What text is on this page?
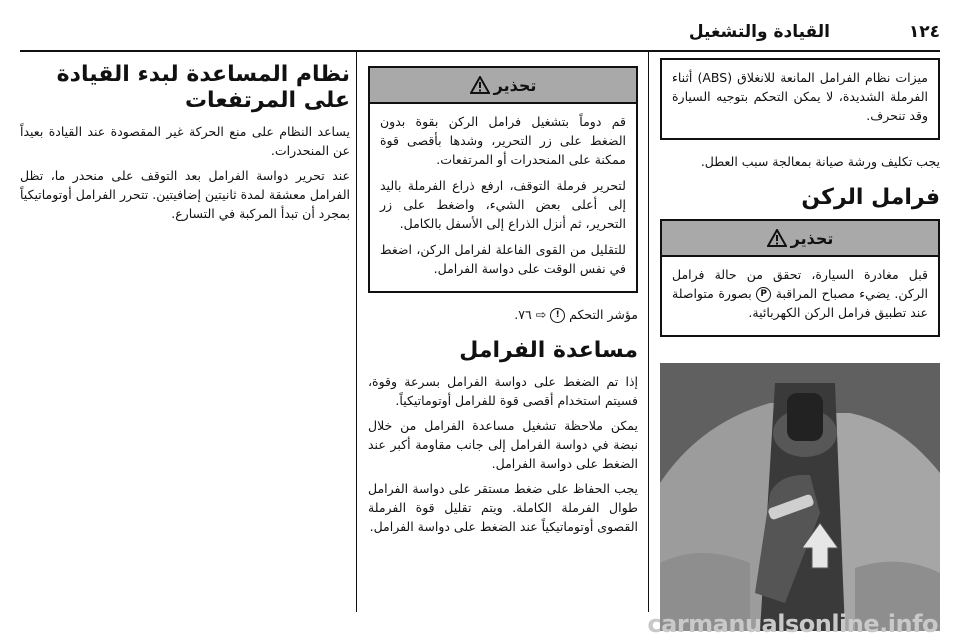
١٢٤
القيادة والتشغيل

ميزات نظام الفرامل المانعة للانغلاق (ABS) أثناء الفرملة الشديدة، لا يمكن التحكم بتوجيه السيارة وقد تنحرف.

يجب تكليف ورشة صيانة بمعالجة سبب العطل.

فرامل الركن
تحذير

قبل مغادرة السيارة، تحقق من حالة فرامل الركن. يضيء مصباح المراقبة P بصورة متواصلة عند تطبيق فرامل الركن الكهربائية.

تحذير

قم دوماً بتشغيل فرامل الركن بقوة بدون الضغط على زر التحرير، وشدها بأقصى قوة ممكنة على المنحدرات أو المرتفعات.

لتحرير فرملة التوقف، ارفع ذراع الفرملة باليد إلى أعلى بعض الشيء، واضغط على زر التحرير، ثم أنزل الذراع إلى الأسفل بالكامل.

للتقليل من القوى الفاعلة لفرامل الركن، اضغط في نفس الوقت على دواسة الفرامل.

مؤشر التحكم ! ⇨ ٧٦.

مساعدة الفرامل

إذا تم الضغط على دواسة الفرامل بسرعة وقوة، فسيتم استخدام أقصى قوة للفرامل أوتوماتيكياً.

يمكن ملاحظة تشغيل مساعدة الفرامل من خلال نبضة في دواسة الفرامل إلى جانب مقاومة أكبر عند الضغط على دواسة الفرامل.

يجب الحفاظ على ضغط مستقر على دواسة الفرامل طوال الفرملة الكاملة. ويتم تقليل قوة الفرملة القصوى أوتوماتيكياً عند الضغط على دواسة الفرامل.

نظام المساعدة لبدء القيادة على المرتفعات

يساعد النظام على منع الحركة غير المقصودة عند القيادة بعيداً عن المنحدرات.

عند تحرير دواسة الفرامل بعد التوقف على منحدر ما، تظل الفرامل معشقة لمدة ثانيتين إضافيتين. تتحرر الفرامل أوتوماتيكياً بمجرد أن تبدأ المركبة في التسارع.

carmanualsonline.info
